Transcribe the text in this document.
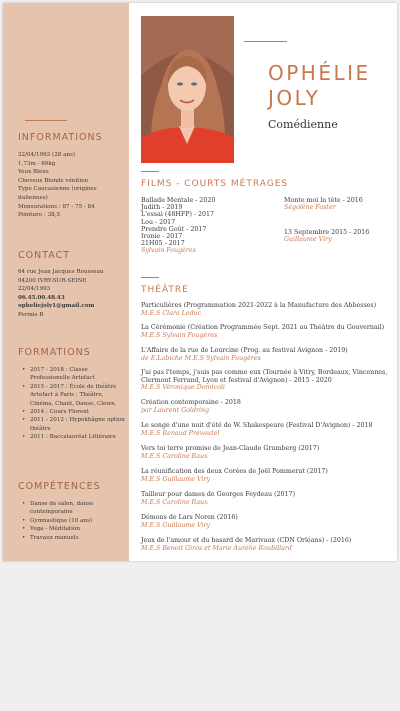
INFORMATIONS
22/04/1993 (28 ans)
1,73m - 60kg
Yeux Bleus
Cheveux Blonds vénitien
Type Caucasienne (origines
italiennes)
Mensurations : 87 - 75 - 84
Pointure : 38,5
CONTACT
64 rue Jean Jacques Rousseau
94200 IVRY-SUR-SEINE
22/04/1993
06.45.00.48.43
opheliejoly1@gmail.com
Permis B
FORMATIONS
• 2017 - 2018 : Classe Professionelle Artefact
• 2015 - 2017 : École de théâtre Artefact à Paris : Théâtre, Cinéma, Chant, Danse, Clown,
• 2014 : Cours Florent
• 2011 - 2012 : Hypokhâgne option théâtre
• 2011 : Baccalauréat Littéraire
COMPÉTENCES
• Danse de salon, danse contemporaine
• Gymnastique (10 ans)
• Yoga - Méditation
• Travaux manuels
OPHÉLIE
JOLY
Comédienne
FILMS - COURTS MÉTRAGES
Ballade Mentale - 2020
Judith - 2019
L'essai (48HFP) - 2017
Lou - 2017
Prendre Goût - 2017
Ironie - 2017
21H05 - 2017
Sylvain Fougères
Monte moi la tête - 2016
Ségolène Foster
13 Septembre 2015 - 2016
Guillaume Viry
THÉÂTRE
Particulières (Programmation 2021-2022 à la Manufacture des Abbesses)
M.E.S Clara Leduc
La Cérémonie (Création Programmée Sept. 2021 au Théâtre du Gouvernail)
M.E.S Sylvain Fougères
L'Affaire de la rue de Lourcine (Prog. au festival Avignon - 2019)
de E.Labiche M.E.S Sylvain Fougères
J'ai pas l'temps, j'suis pas comme eux (Tournée à Vitry, Bordeaux, Vincennes, Clermont Ferrand, Lyon et festival d'Avignon) - 2015 - 2020
M.E.S Véronique Domicoli
Création contemporaine - 2018
par Laurent Goldring
Le songe d'une nuit d'été de W. Shakespeare (Festival D'Avignon) - 2018
M.E.S Renaud Prévautel
Vers toi terre promise de Jean-Claude Grumberg (2017)
M.E.S Caroline Raux
La réunification des deux Corées de Joël Pommerat (2017)
M.E.S Guillaume Viry
Tailleur pour dames de Georges Feydeau (2017)
M.E.S Caroline Raux
Démons de Lars Noren (2016)
M.E.S Guillaume Viry
Jeux de l'amour et du hasard de Marivaux (CDN Orléans) - (2016)
M.E.S Benoit Girós et Marie Aurélie Roubillard
